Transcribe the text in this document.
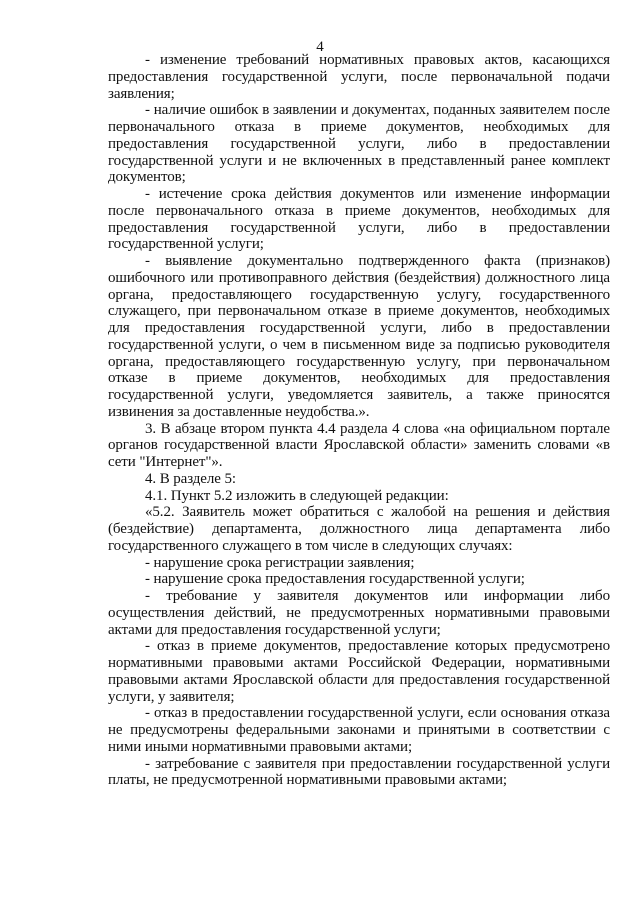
4

- изменение требований нормативных правовых актов, касающихся предоставления государственной услуги, после первоначальной подачи заявления;

- наличие ошибок в заявлении и документах, поданных заявителем после первоначального отказа в приеме документов, необходимых для предоставления государственной услуги, либо в предоставлении государственной услуги и не включенных в представленный ранее комплект документов;

- истечение срока действия документов или изменение информации после первоначального отказа в приеме документов, необходимых для предоставления государственной услуги, либо в предоставлении государственной услуги;

- выявление документально подтвержденного факта (признаков) ошибочного или противоправного действия (бездействия) должностного лица органа, предоставляющего государственную услугу, государственного служащего, при первоначальном отказе в приеме документов, необходимых для предоставления государственной услуги, либо в предоставлении государственной услуги, о чем в письменном виде за подписью руководителя органа, предоставляющего государственную услугу, при первоначальном отказе в приеме документов, необходимых для предоставления государственной услуги, уведомляется заявитель, а также приносятся извинения за доставленные неудобства.».

3. В абзаце втором пункта 4.4 раздела 4 слова «на официальном портале органов государственной власти Ярославской области» заменить словами «в сети "Интернет"».

4. В разделе 5:

4.1. Пункт 5.2 изложить в следующей редакции:

«5.2. Заявитель может обратиться с жалобой на решения и действия (бездействие) департамента, должностного лица департамента либо государственного служащего в том числе в следующих случаях:

- нарушение срока регистрации заявления;

- нарушение срока предоставления государственной услуги;

- требование у заявителя документов или информации либо осуществления действий, не предусмотренных нормативными правовыми актами для предоставления государственной услуги;

- отказ в приеме документов, предоставление которых предусмотрено нормативными правовыми актами Российской Федерации, нормативными правовыми актами Ярославской области для предоставления государственной услуги, у заявителя;

- отказ в предоставлении государственной услуги, если основания отказа не предусмотрены федеральными законами и принятыми в соответствии с ними иными нормативными правовыми актами;

- затребование с заявителя при предоставлении государственной услуги платы, не предусмотренной нормативными правовыми актами;
